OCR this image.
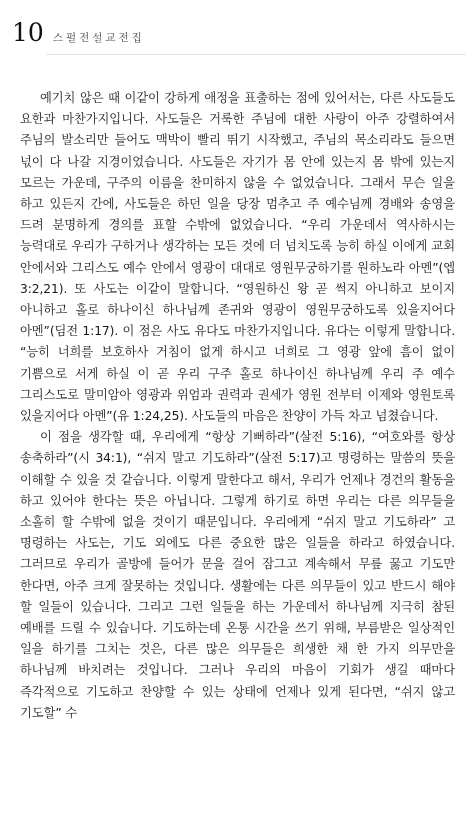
10 스펄전설교전집

예기치 않은 때 이같이 강하게 애정을 표출하는 점에 있어서는, 다른 사도들도 요한과 마찬가지입니다. 사도들은 거룩한 주님에 대한 사랑이 아주 강렬하여서 주님의 발소리만 들어도 맥박이 빨리 뛰기 시작했고, 주님의 목소리라도 들으면 넋이 다 나갈 지경이었습니다. 사도들은 자기가 몸 안에 있는지 몸 밖에 있는지 모르는 가운데, 구주의 이름을 찬미하지 않을 수 없었습니다. 그래서 무슨 일을 하고 있든지 간에, 사도들은 하던 일을 당장 멈추고 주 예수님께 경배와 송영을 드려 분명하게 경의를 표할 수밖에 없었습니다. “우리 가운데서 역사하시는 능력대로 우리가 구하거나 생각하는 모든 것에 더 넘치도록 능히 하실 이에게 교회 안에서와 그리스도 예수 안에서 영광이 대대로 영원무궁하기를 원하노라 아멘”(엡 3:2,21). 또 사도는 이같이 말합니다. “영원하신 왕 곧 썩지 아니하고 보이지 아니하고 홀로 하나이신 하나님께 존귀와 영광이 영원무궁하도록 있을지어다 아멘”(딤전 1:17). 이 점은 사도 유다도 마찬가지입니다. 유다는 이렇게 말합니다. “능히 너희를 보호하사 거침이 없게 하시고 너희로 그 영광 앞에 흠이 없이 기쁨으로 서게 하실 이 곧 우리 구주 홀로 하나이신 하나님께 우리 주 예수 그리스도로 말미암아 영광과 위엄과 권력과 권세가 영원 전부터 이제와 영원토록 있을지어다 아멘”(유 1:24,25). 사도들의 마음은 찬양이 가득 차고 넘쳤습니다.

이 점을 생각할 때, 우리에게 “항상 기뻐하라”(살전 5:16), “여호와를 항상 송축하라”(시 34:1), “쉬지 말고 기도하라”(살전 5:17)고 명령하는 말씀의 뜻을 이해할 수 있을 것 같습니다. 이렇게 말한다고 해서, 우리가 언제나 경건의 활동을 하고 있어야 한다는 뜻은 아닙니다. 그렇게 하기로 하면 우리는 다른 의무들을 소홀히 할 수밖에 없을 것이기 때문입니다. 우리에게 “쉬지 말고 기도하라” 고 명령하는 사도는, 기도 외에도 다른 중요한 많은 일들을 하라고 하였습니다. 그러므로 우리가 골방에 들어가 문을 걸어 잠그고 계속해서 무릎 꿇고 기도만 한다면, 아주 크게 잘못하는 것입니다. 생활에는 다른 의무들이 있고 반드시 해야 할 일들이 있습니다. 그리고 그런 일들을 하는 가운데서 하나님께 지극히 참된 예배를 드릴 수 있습니다. 기도하는데 온통 시간을 쓰기 위해, 부름받은 일상적인 일을 하기를 그치는 것은, 다른 많은 의무들은 희생한 채 한 가지 의무만을 하나님께 바치려는 것입니다. 그러나 우리의 마음이 기회가 생길 때마다 즉각적으로 기도하고 찬양할 수 있는 상태에 언제나 있게 된다면, “쉬지 않고 기도할” 수
